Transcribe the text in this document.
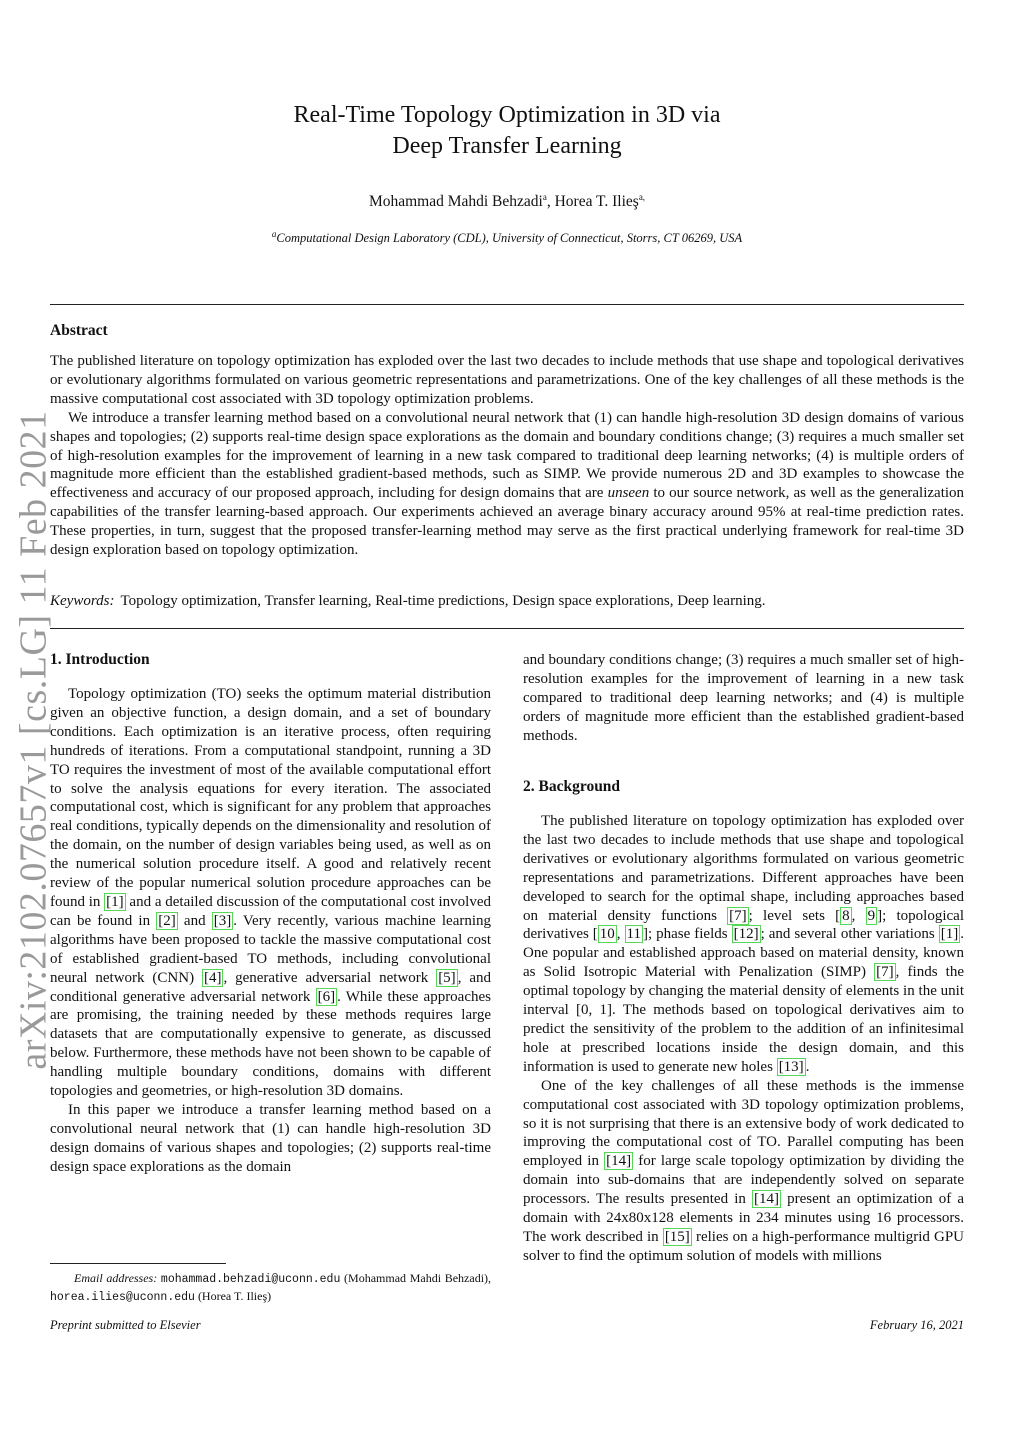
arXiv:2102.07657v1 [cs.LG] 11 Feb 2021
Real-Time Topology Optimization in 3D via
Deep Transfer Learning
Mohammad Mahdi Behzadi$^a$, Horea T. Ilieş$^{a,}$
$^a$Computational Design Laboratory (CDL), University of Connecticut, Storrs, CT 06269, USA
Abstract

The published literature on topology optimization has exploded over the last two decades to include methods that use shape and topological derivatives or evolutionary algorithms formulated on various geometric representations and parametrizations. One of the key challenges of all these methods is the massive computational cost associated with 3D topology optimization problems.

We introduce a transfer learning method based on a convolutional neural network that (1) can handle high-resolution 3D design domains of various shapes and topologies; (2) supports real-time design space explorations as the domain and boundary conditions change; (3) requires a much smaller set of high-resolution examples for the improvement of learning in a new task compared to traditional deep learning networks; (4) is multiple orders of magnitude more efficient than the established gradient-based methods, such as SIMP. We provide numerous 2D and 3D examples to showcase the effectiveness and accuracy of our proposed approach, including for design domains that are unseen to our source network, as well as the generalization capabilities of the transfer learning-based approach. Our experiments achieved an average binary accuracy around 95% at real-time prediction rates. These properties, in turn, suggest that the proposed transfer-learning method may serve as the first practical underlying framework for real-time 3D design exploration based on topology optimization.

Keywords: Topology optimization, Transfer learning, Real-time predictions, Design space explorations, Deep learning.
1. Introduction

Topology optimization (TO) seeks the optimum material distribution given an objective function, a design domain, and a set of boundary conditions. Each optimization is an iterative process, often requiring hundreds of iterations. From a computational standpoint, running a 3D TO requires the investment of most of the available computational effort to solve the analysis equations for every iteration. The associated computational cost, which is significant for any problem that approaches real conditions, typically depends on the dimensionality and resolution of the domain, on the number of design variables being used, as well as on the numerical solution procedure itself. A good and relatively recent review of the popular numerical solution procedure approaches can be found in [1] and a detailed discussion of the computational cost involved can be found in [2] and [3] . Very recently, various machine learning algorithms have been proposed to tackle the massive computational cost of established gradient-based TO methods, including convolutional neural network (CNN) [4] , generative adversarial network [5] , and conditional generative adversarial network [6] . While these approaches are promising, the training needed by these methods requires large datasets that are computationally expensive to generate, as discussed below. Furthermore, these methods have not been shown to be capable of handling multiple boundary conditions, domains with different topologies and geometries, or high-resolution 3D domains.

In this paper we introduce a transfer learning method based on a convolutional neural network that (1) can handle high-resolution 3D design domains of various shapes and topologies; (2) supports real-time design space explorations as the domain

Email addresses: mohammad.behzadi@uconn.edu (Mohammad Mahdi Behzadi), horea.ilies@uconn.edu (Horea T. Ilieş)

and boundary conditions change; (3) requires a much smaller set of high-resolution examples for the improvement of learning in a new task compared to traditional deep learning networks; and (4) is multiple orders of magnitude more efficient than the established gradient-based methods.

2. Background

The published literature on topology optimization has exploded over the last two decades to include methods that use shape and topological derivatives or evolutionary algorithms formulated on various geometric representations and parametrizations. Different approaches have been developed to search for the optimal shape, including approaches based on material density functions [7] ; level sets [ 8 , 9 ]; topological derivatives [ 10 , 11 ]; phase fields [12] ; and several other variations [1] . One popular and established approach based on material density, known as Solid Isotropic Material with Penalization (SIMP) [7] , finds the optimal topology by changing the material density of elements in the unit interval [0, 1]. The methods based on topological derivatives aim to predict the sensitivity of the problem to the addition of an infinitesimal hole at prescribed locations inside the design domain, and this information is used to generate new holes [13] .

One of the key challenges of all these methods is the immense computational cost associated with 3D topology optimization problems, so it is not surprising that there is an extensive body of work dedicated to improving the computational cost of TO. Parallel computing has been employed in [14] for large scale topology optimization by dividing the domain into sub-domains that are independently solved on separate processors. The results presented in [14] present an optimization of a domain with 24x80x128 elements in 234 minutes using 16 processors. The work described in [15] relies on a high-performance multigrid GPU solver to find the optimum solution of models with millions

Preprint submitted to Elsevier	February 16, 2021
